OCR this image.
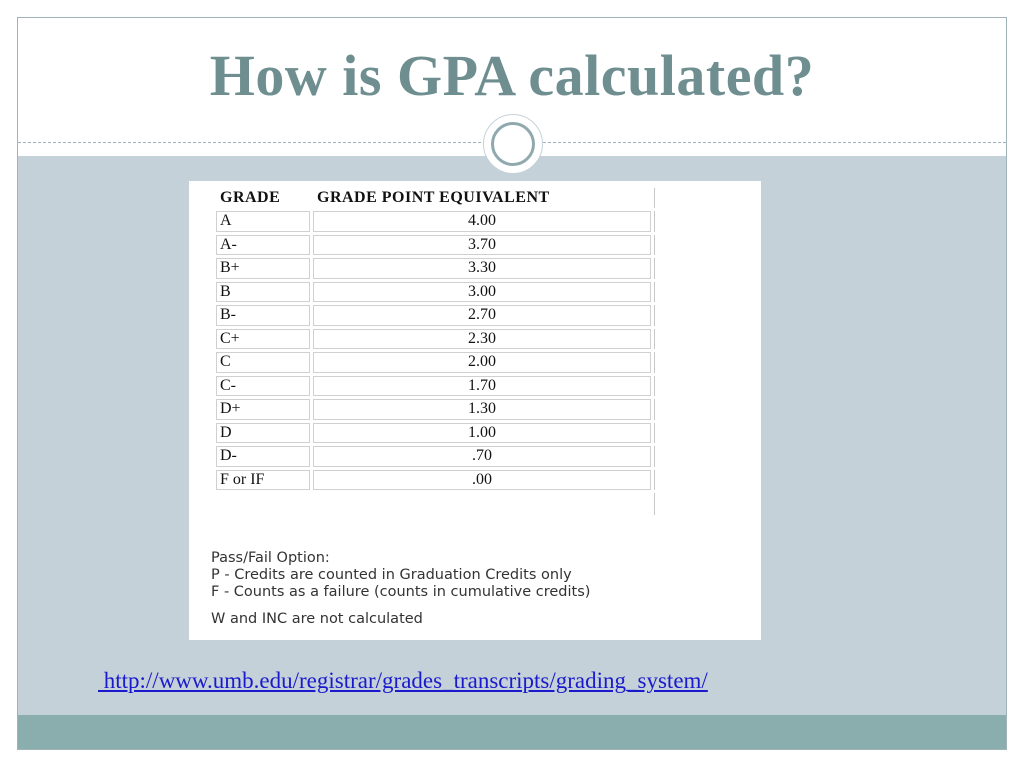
How is GPA calculated?
GRADE	GRADE POINT EQUIVALENT	
A	4.00	
A-	3.70	
B+	3.30	
B	3.00	
B-	2.70	
C+	2.30	
C	2.00	
C-	1.70	
D+	1.30	
D	1.00	
D-	.70	
F or IF	.00	

Pass/Fail Option:
P - Credits are counted in Graduation Credits only
F - Counts as a failure (counts in cumulative credits)
W and INC are not calculated
http://www.umb.edu/registrar/grades_transcripts/grading_system/
